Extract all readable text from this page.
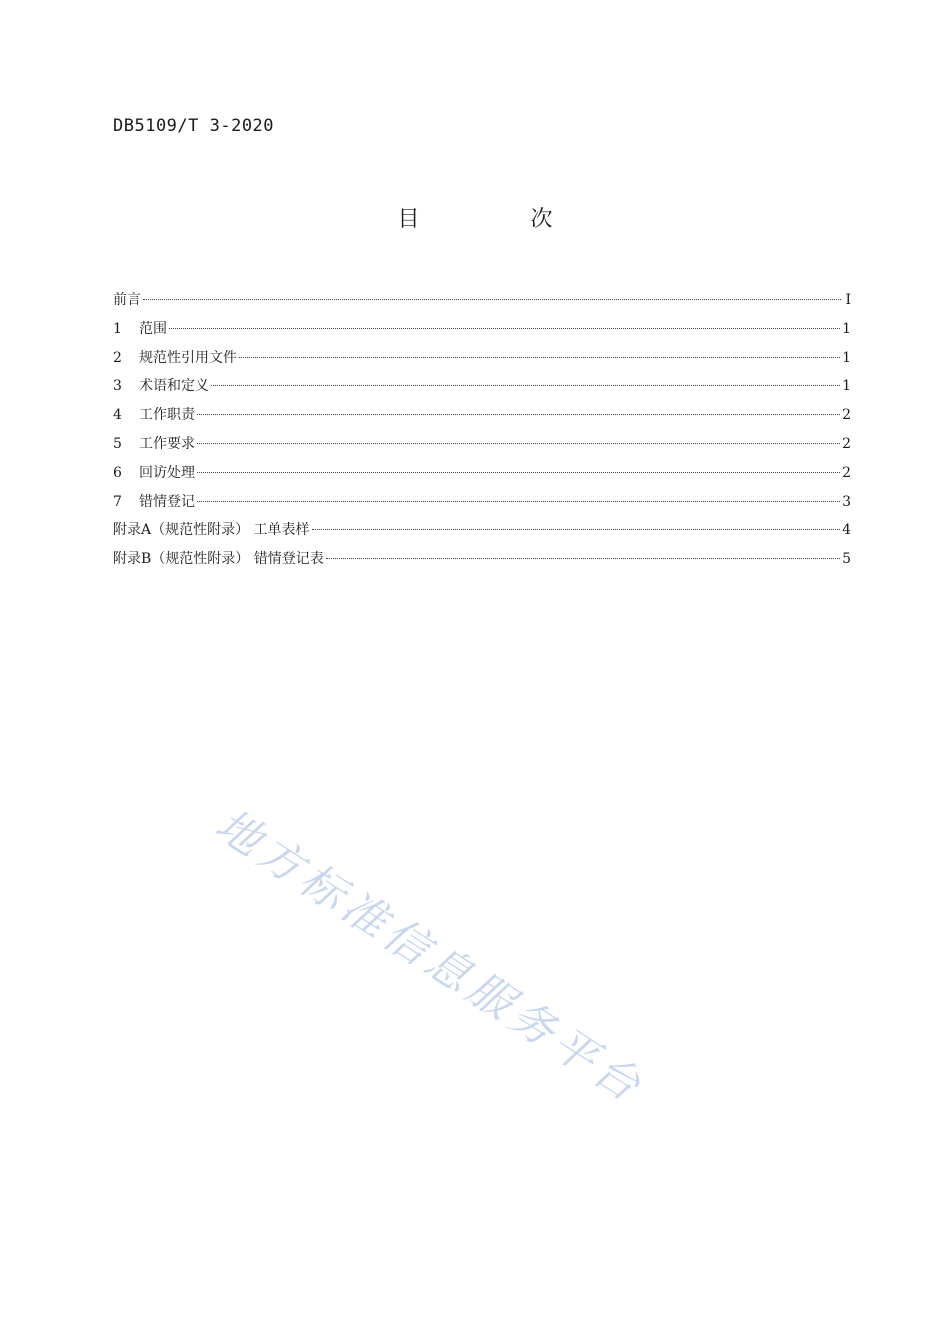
DB5109/T 3-2020
目 次
前言	I
1	范围	1
2	规范性引用文件	1
3	术语和定义	1
4	工作职责	2
5	工作要求	2
6	回访处理	2
7	错情登记	3
附录A（规范性附录） 工单表样	4
附录B（规范性附录） 错情登记表	5
地方标准信息服务平台
